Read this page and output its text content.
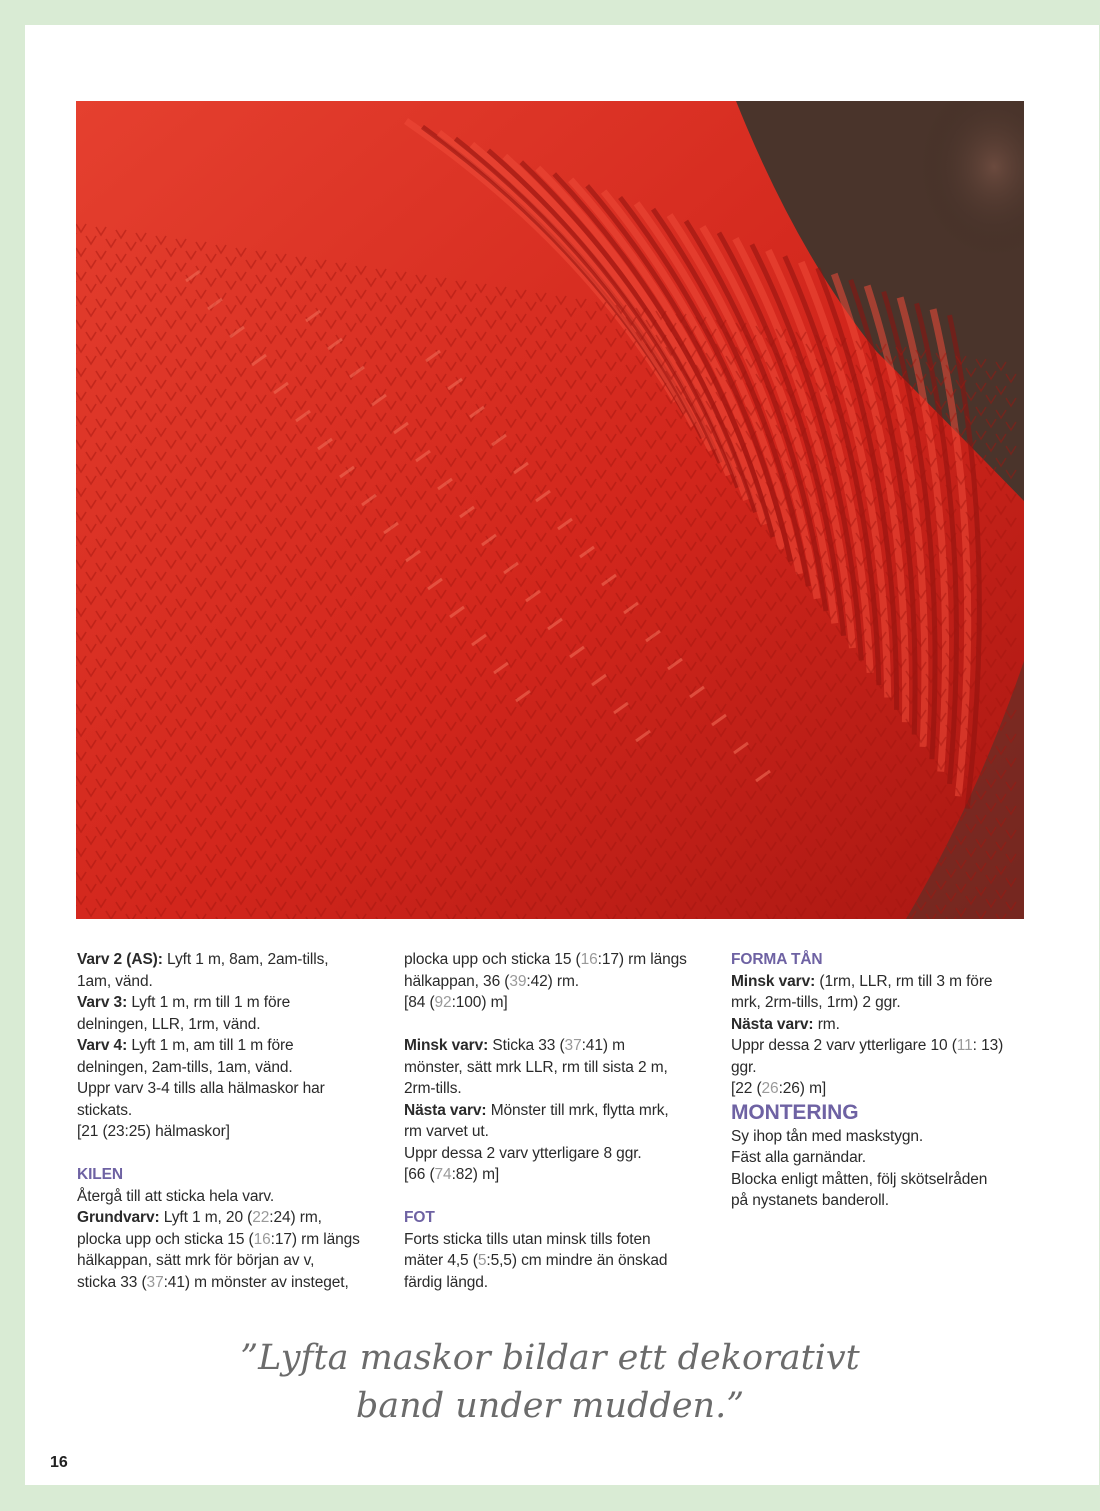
Varv 2 (AS): Lyft 1 m, 8am, 2am-tills,

1am, vänd.

Varv 3: Lyft 1 m, rm till 1 m före

delningen, LLR, 1rm, vänd.

Varv 4: Lyft 1 m, am till 1 m före

delningen, 2am-tills, 1am, vänd.

Uppr varv 3-4 tills alla hälmaskor har

stickats.

[21 (23:25) hälmaskor]

KILEN

Återgå till att sticka hela varv.

Grundvarv: Lyft 1 m, 20 (22:24) rm,

plocka upp och sticka 15 (16:17) rm längs

hälkappan, sätt mrk för början av v,

sticka 33 (37:41) m mönster av insteget,

plocka upp och sticka 15 (16:17) rm längs

hälkappan, 36 (39:42) rm.

[84 (92:100) m]

Minsk varv: Sticka 33 (37:41) m

mönster, sätt mrk LLR, rm till sista 2 m,

2rm-tills.

Nästa varv: Mönster till mrk, flytta mrk,

rm varvet ut.

Uppr dessa 2 varv ytterligare 8 ggr.

[66 (74:82) m]

FOT

Forts sticka tills utan minsk tills foten

mäter 4,5 (5:5,5) cm mindre än önskad

färdig längd.

FORMA TÅN

Minsk varv: (1rm, LLR, rm till 3 m före

mrk, 2rm-tills, 1rm) 2 ggr.

Nästa varv: rm.

Uppr dessa 2 varv ytterligare 10 (11: 13)

ggr.

[22 (26:26) m]

MONTERING

Sy ihop tån med maskstygn.

Fäst alla garnändar.

Blocka enligt måtten, följ skötselråden

på nystanets banderoll.

”Lyfta maskor bildar ett dekorativt
band under mudden.”
16
